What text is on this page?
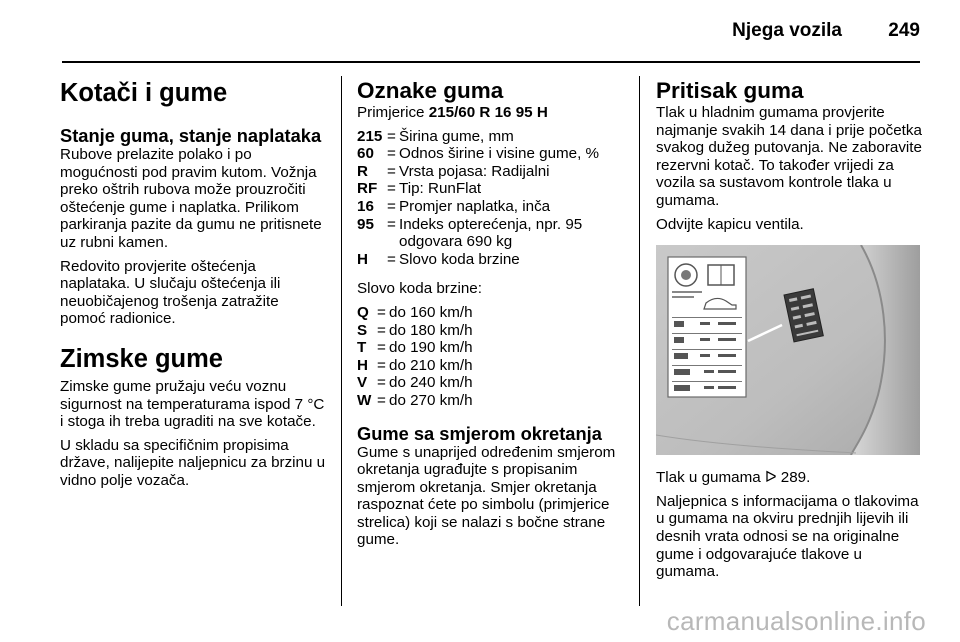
Njega vozila 249
Kotači i gume
Stanje guma, stanje naplataka

Rubove prelazite polako i po mogućnosti pod pravim kutom. Vožnja preko oštrih rubova može prouzročiti oštećenje gume i naplatka. Prilikom parkiranja pazite da gumu ne pritisnete uz rubni kamen.

Redovito provjerite oštećenja naplataka. U slučaju oštećenja ili neuobičajenog trošenja zatražite pomoć radionice.

Zimske gume

Zimske gume pružaju veću voznu sigurnost na temperaturama ispod 7 °C i stoga ih treba ugraditi na sve kotače.

U skladu sa specifičnim propisima države, nalijepite naljepnicu za brzinu u vidno polje vozača.

Oznake guma

Primjerice 215/60 R 16 95 H

215	=	Širina gume, mm
60	=	Odnos širine i visine gume, %
R	=	Vrsta pojasa: Radijalni
RF	=	Tip: RunFlat
16	=	Promjer naplatka, inča
95	=	Indeks opterećenja, npr. 95 odgovara 690 kg
H	=	Slovo koda brzine

Slovo koda brzine:

Q	=	do 160 km/h
S	=	do 180 km/h
T	=	do 190 km/h
H	=	do 210 km/h
V	=	do 240 km/h
W	=	do 270 km/h
Gume sa smjerom okretanja

Gume s unaprijed određenim smjerom okretanja ugrađujte s propisanim smjerom okretanja. Smjer okretanja raspoznat ćete po simbolu (primjerice strelica) koji se nalazi s bočne strane gume.

Pritisak guma

Tlak u hladnim gumama provjerite najmanje svakih 14 dana i prije početka svakog dužeg putovanja. Ne zaboravite rezervni kotač. To također vrijedi za vozila sa sustavom kontrole tlaka u gumama.

Odvijte kapicu ventila.

Tlak u gumama ᐅ 289.

Naljepnica s informacijama o tlakovima u gumama na okviru prednjih lijevih ili desnih vrata odnosi se na originalne gume i odgovarajuće tlakove u gumama.

carmanualsonline.info
